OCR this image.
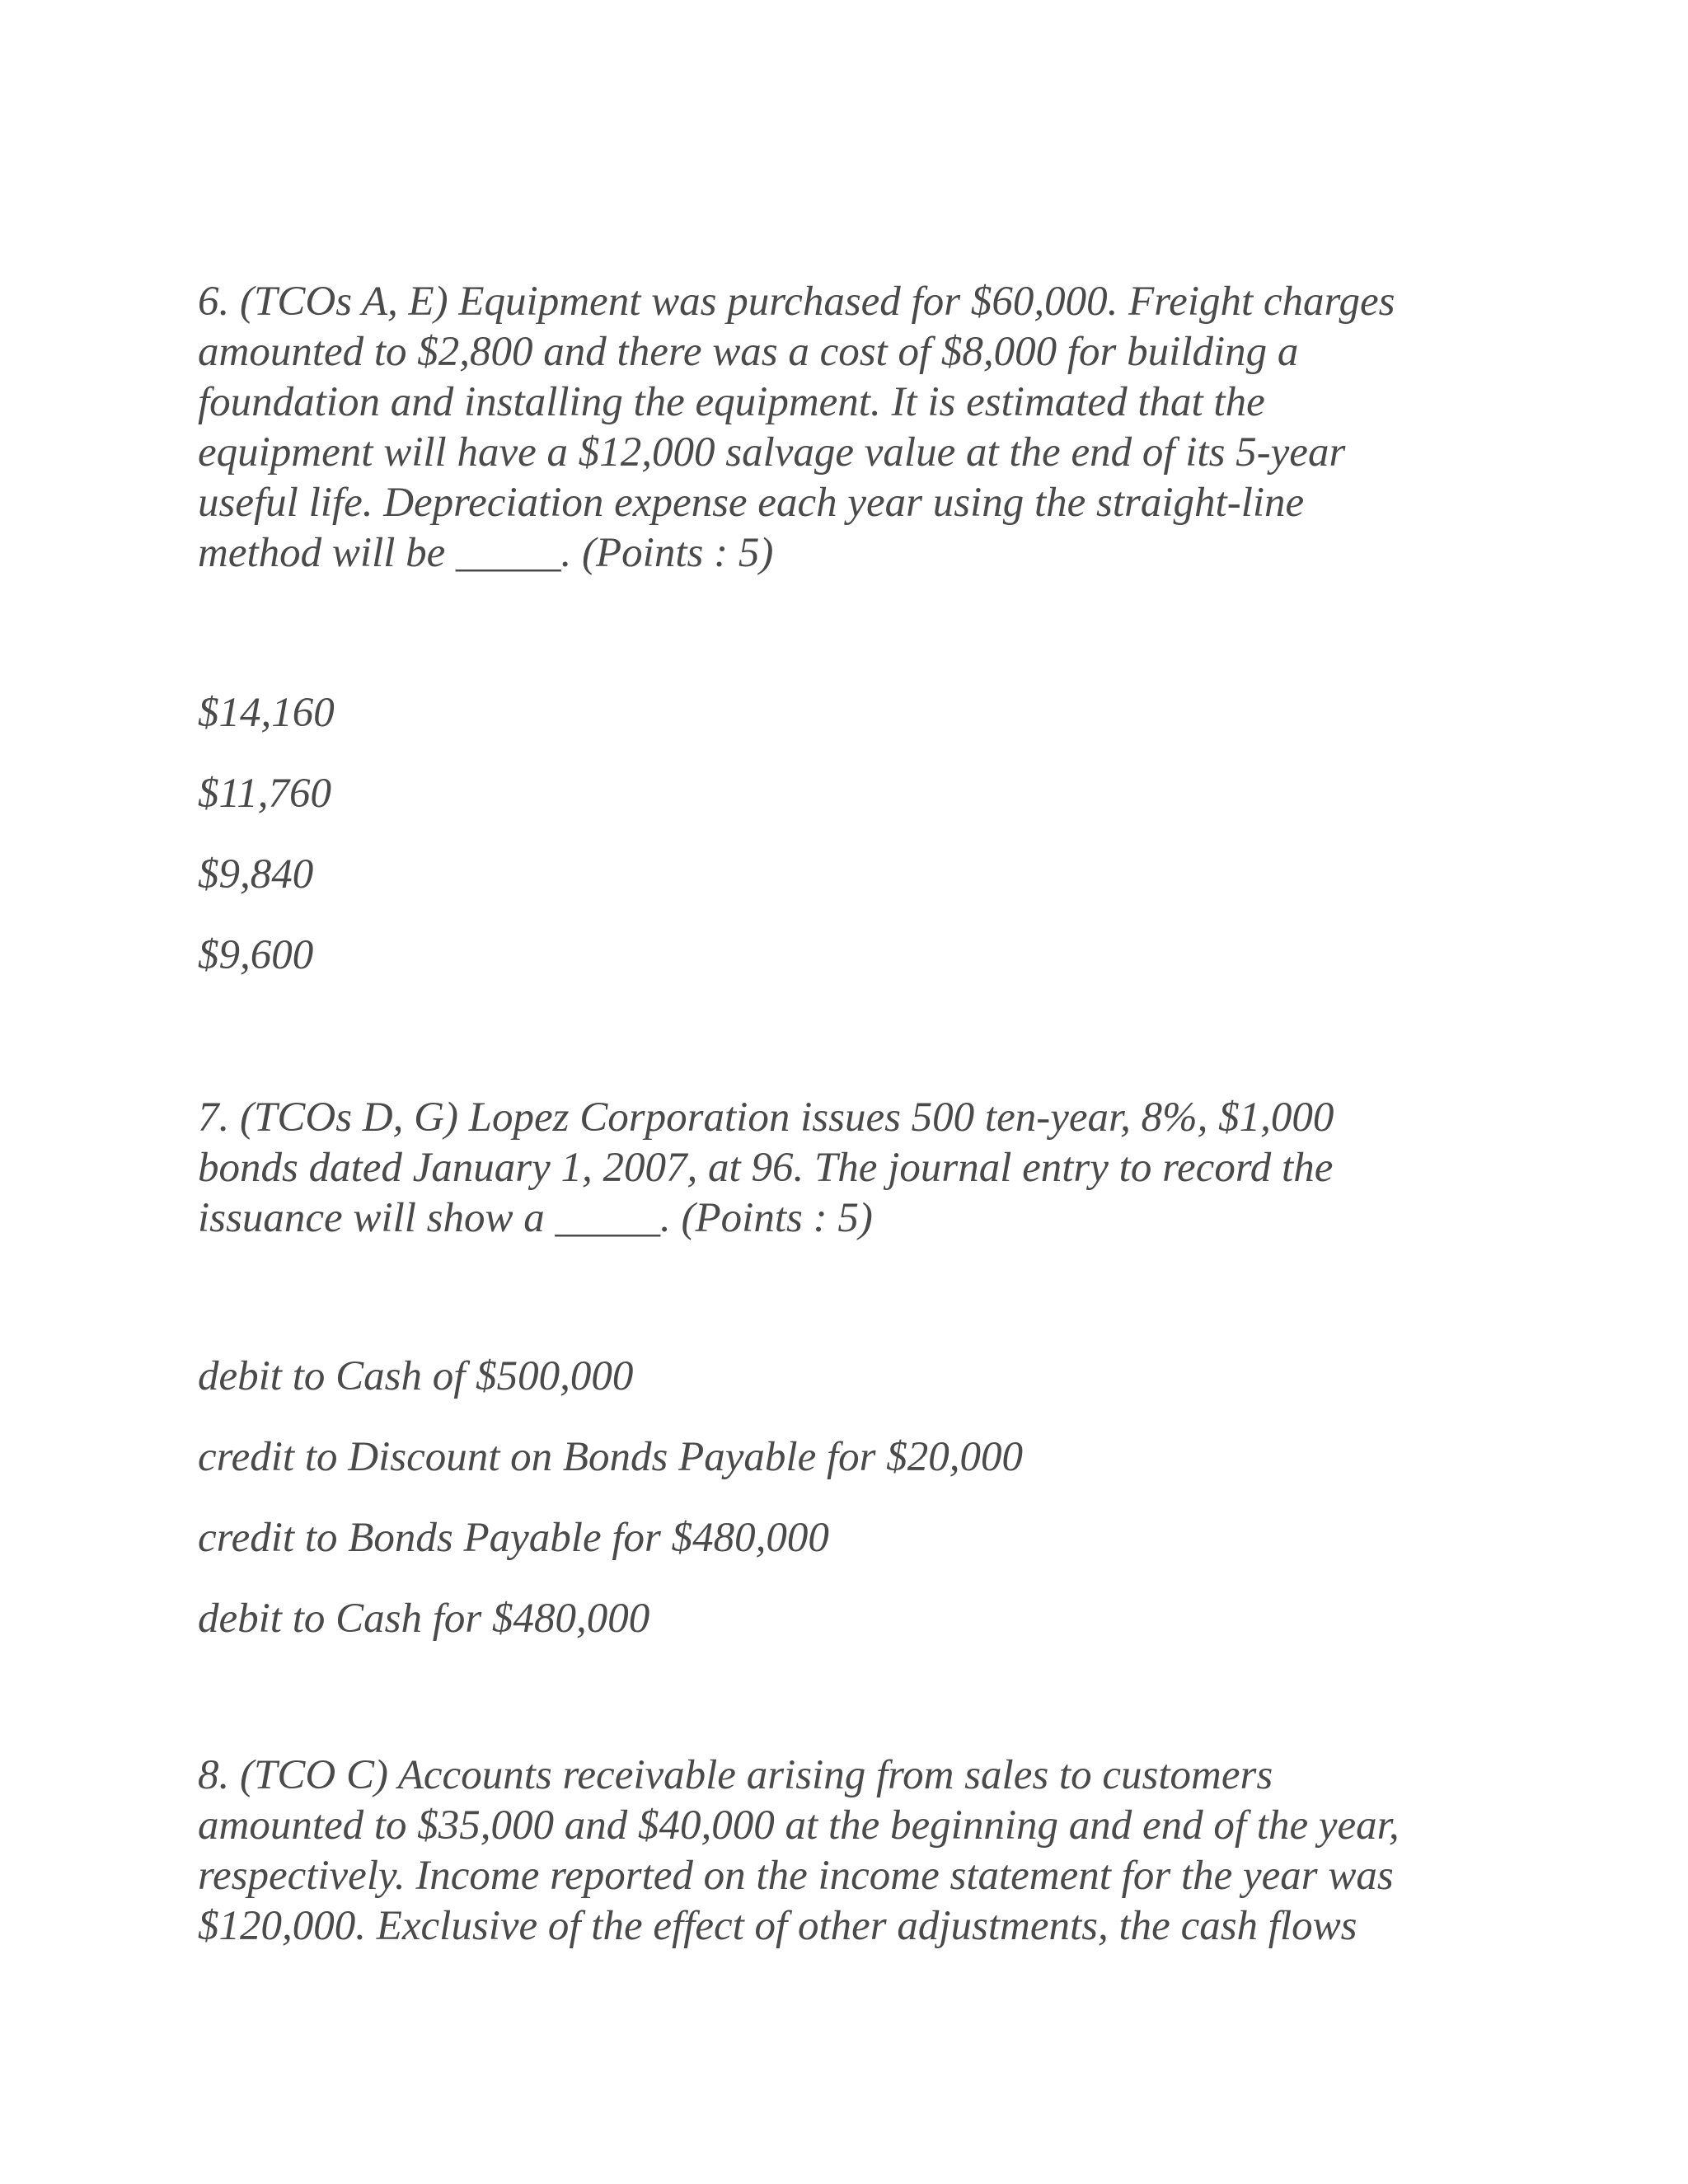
6. (TCOs A, E) Equipment was purchased for $60,000. Freight charges
amounted to $2,800 and there was a cost of $8,000 for building a
foundation and installing the equipment. It is estimated that the
equipment will have a $12,000 salvage value at the end of its 5-year
useful life. Depreciation expense each year using the straight-line
method will be _____. (Points : 5)
$14,160
$11,760
$9,840
$9,600
7. (TCOs D, G) Lopez Corporation issues 500 ten-year, 8%, $1,000
bonds dated January 1, 2007, at 96. The journal entry to record the
issuance will show a _____. (Points : 5)
debit to Cash of $500,000
credit to Discount on Bonds Payable for $20,000
credit to Bonds Payable for $480,000
debit to Cash for $480,000
8. (TCO C) Accounts receivable arising from sales to customers
amounted to $35,000 and $40,000 at the beginning and end of the year,
respectively. Income reported on the income statement for the year was
$120,000. Exclusive of the effect of other adjustments, the cash flows
